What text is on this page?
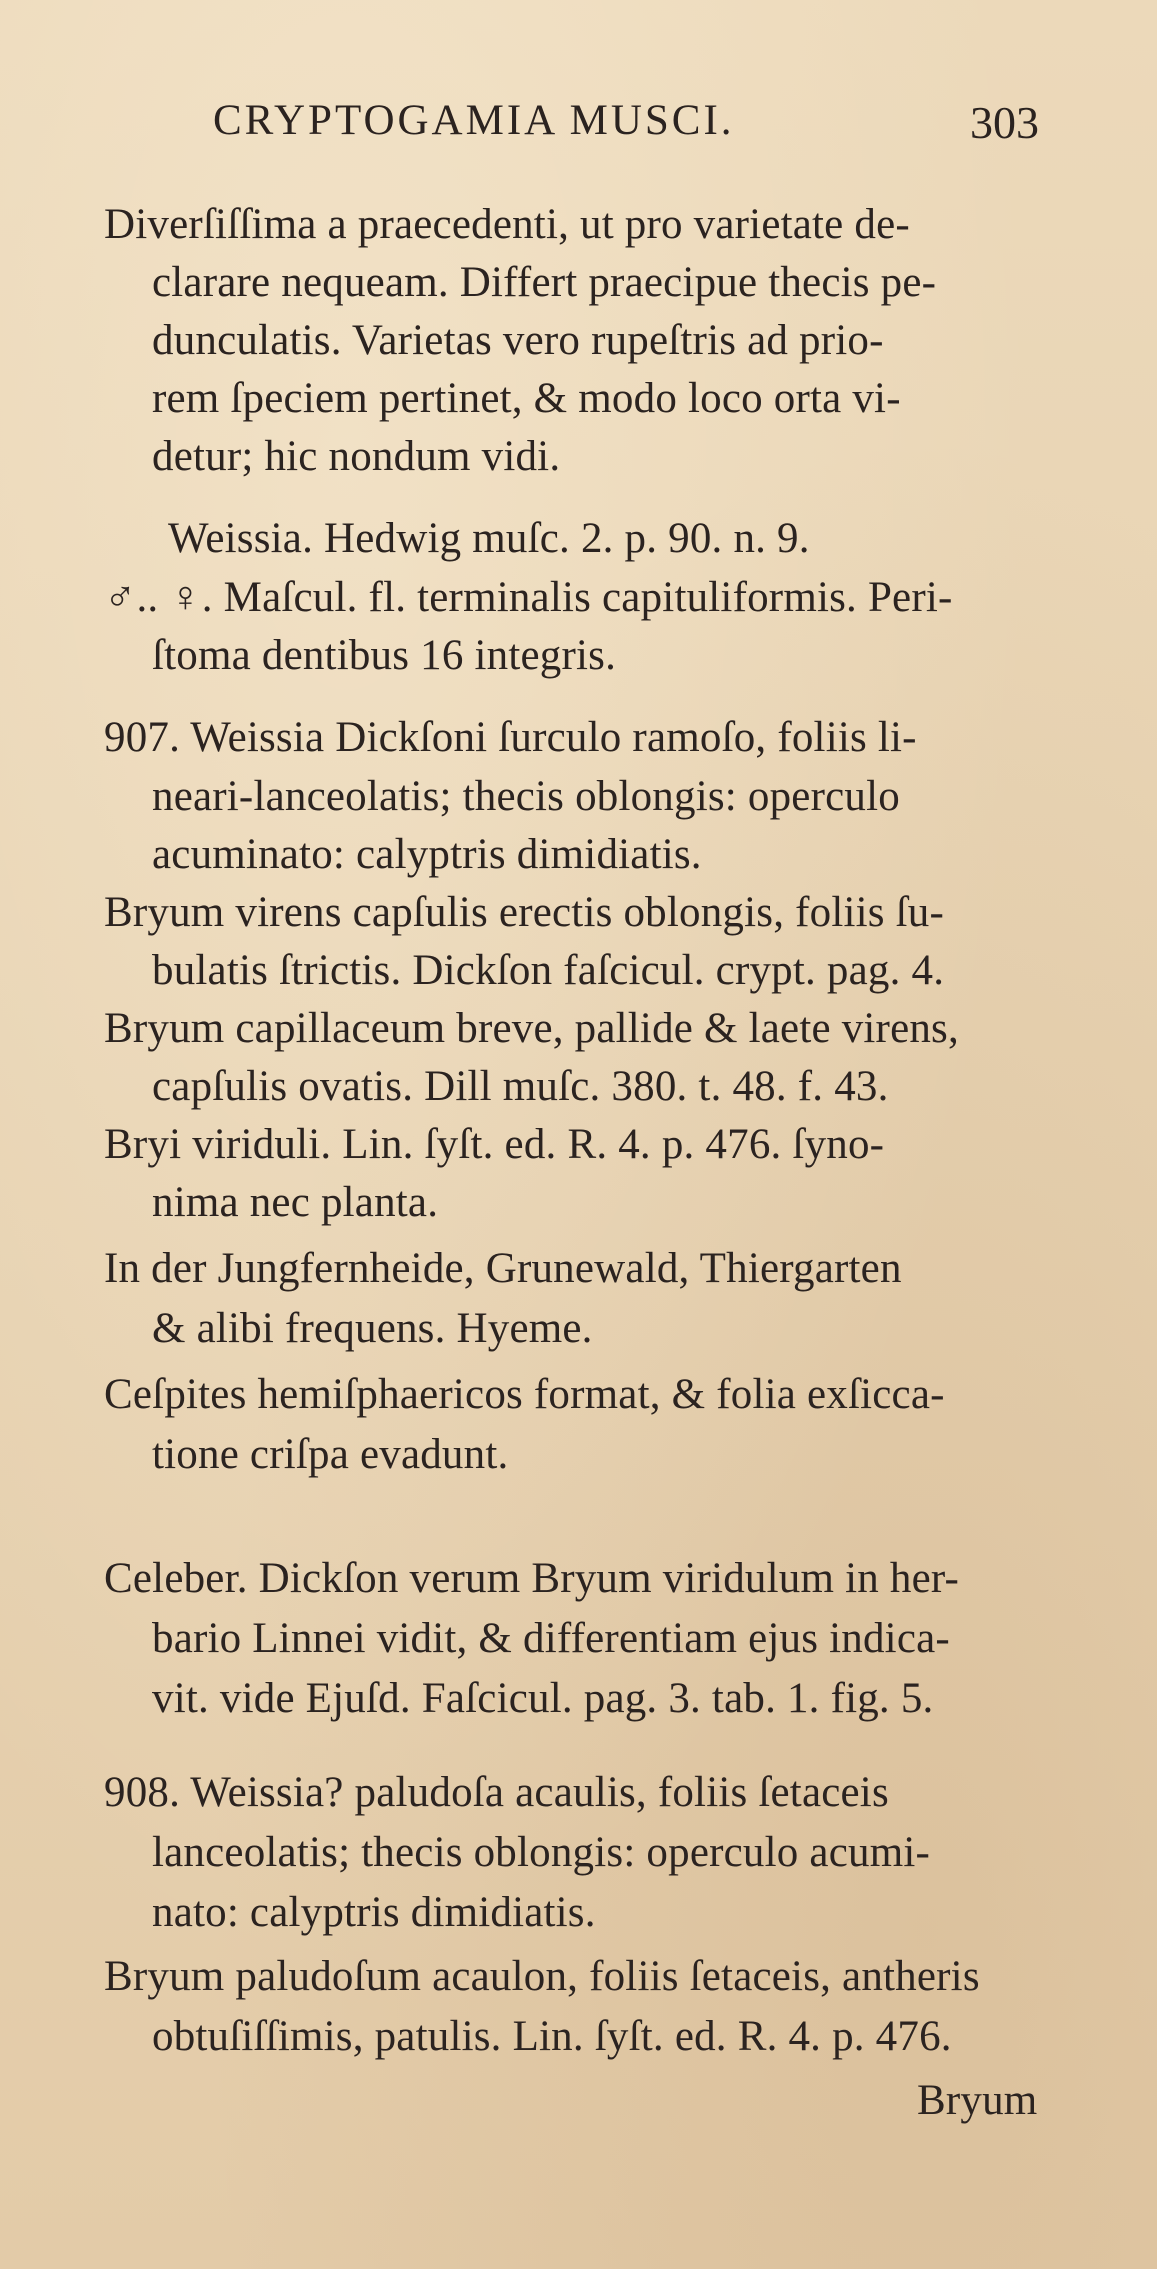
CRYPTOGAMIA MUSCI.	303
Diverſiſſima a praecedenti, ut pro varietate de-
clarare nequeam. Differt praecipue thecis pe-
dunculatis. Varietas vero rupeſtris ad prio-
rem ſpeciem pertinet, & modo loco orta vi-
detur; hic nondum vidi.
Weissia. Hedwig muſc. 2. p. 90. n. 9.
♂.. ♀. Maſcul. fl. terminalis capituliformis. Peri-
ſtoma dentibus 16 integris.
907. Weissia Dickſoni ſurculo ramoſo, foliis li-
neari-lanceolatis; thecis oblongis: operculo
acuminato: calyptris dimidiatis.
Bryum virens capſulis erectis oblongis, foliis ſu-
bulatis ſtrictis. Dickſon faſcicul. crypt. pag. 4.
Bryum capillaceum breve, pallide & laete virens,
capſulis ovatis. Dill muſc. 380. t. 48. f. 43.
Bryi viriduli. Lin. ſyſt. ed. R. 4. p. 476. ſyno-
nima nec planta.
In der Jungfernheide, Grunewald, Thiergarten
& alibi frequens. Hyeme.
Ceſpites hemiſphaericos format, & folia exſicca-
tione criſpa evadunt.
Celeber. Dickſon verum Bryum viridulum in her-
bario Linnei vidit, & differentiam ejus indica-
vit. vide Ejuſd. Faſcicul. pag. 3. tab. 1. fig. 5.
908. Weissia? paludoſa acaulis, foliis ſetaceis
lanceolatis; thecis oblongis: operculo acumi-
nato: calyptris dimidiatis.
Bryum paludoſum acaulon, foliis ſetaceis, antheris
obtuſiſſimis, patulis. Lin. ſyſt. ed. R. 4. p. 476.
Bryum
